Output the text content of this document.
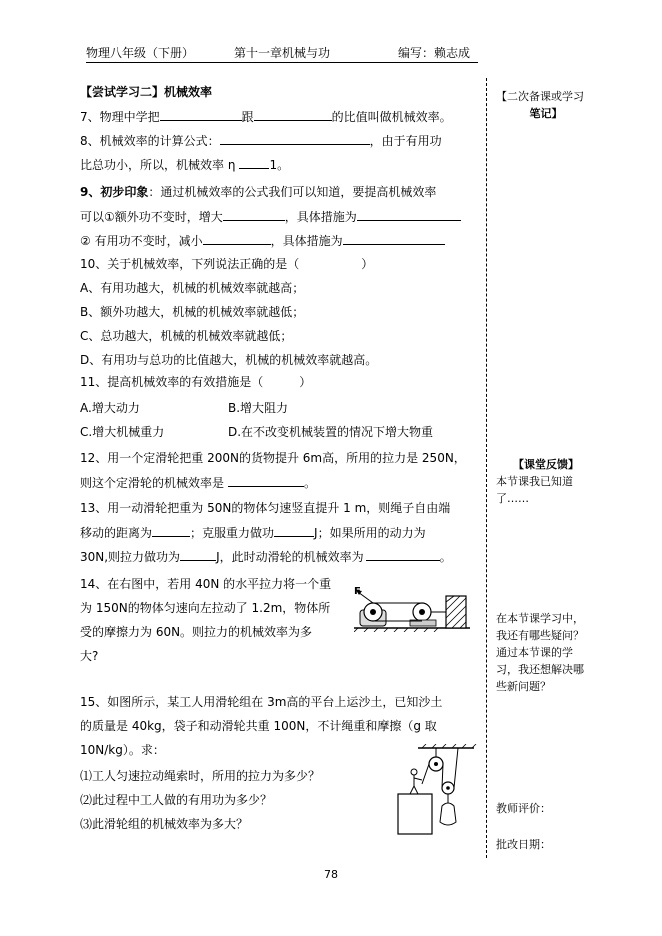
物理八年级（下册）	第十一章机械与功	编写：赖志成
【尝试学习二】机械效率
7、物理中学把	跟	的比值叫做机械效率。
8、机械效率的计算公式：	，由于有用功
比总功小，所以，机械效率 η	1。
9、初步印象：通过机械效率的公式我们可以知道，要提高机械效率
可以①额外功不变时，增大	，具体措施为
② 有用功不变时，减小	，具体措施为
10、关于机械效率，下列说法正确的是（	）
A、有用功越大，机械的机械效率就越高；
B、额外功越大，机械的机械效率就越低；
C、总功越大，机械的机械效率就越低；
D、有用功与总功的比值越大，机械的机械效率就越高。
11、提高机械效率的有效措施是（	）
A.增大动力	B.增大阻力
C.增大机械重力	D.在不改变机械装置的情况下增大物重
12、用一个定滑轮把重 200N的货物提升 6m高，所用的拉力是 250N，
则这个定滑轮的机械效率是	。
13、用一动滑轮把重为 50N的物体匀速竖直提升 1 m，则绳子自由端
移动的距离为	；克服重力做功	J；如果所用的动力为
30N,则拉力做功为	J，此时动滑轮的机械效率为	。
14、在右图中，若用 40N 的水平拉力将一个重
为 150N的物体匀速向左拉动了 1.2m，物体所
受的摩擦力为 60N。则拉力的机械效率为多
大?
15、如图所示，某工人用滑轮组在 3m高的平台上运沙土，已知沙土
的质量是 40kg，袋子和动滑轮共重 100N，不计绳重和摩擦（g 取
10N/kg）。求：
⑴工人匀速拉动绳索时，所用的拉力为多少？
⑵此过程中工人做的有用功为多少？
⑶此滑轮组的机械效率为多大？
F
【二次备课或学习
笔记】
【课堂反馈】
本节课我已知道
了……
在本节课学习中，
我还有哪些疑问？
通过本节课的学
习，我还想解决哪
些新问题？
教师评价：
批改日期：
78
